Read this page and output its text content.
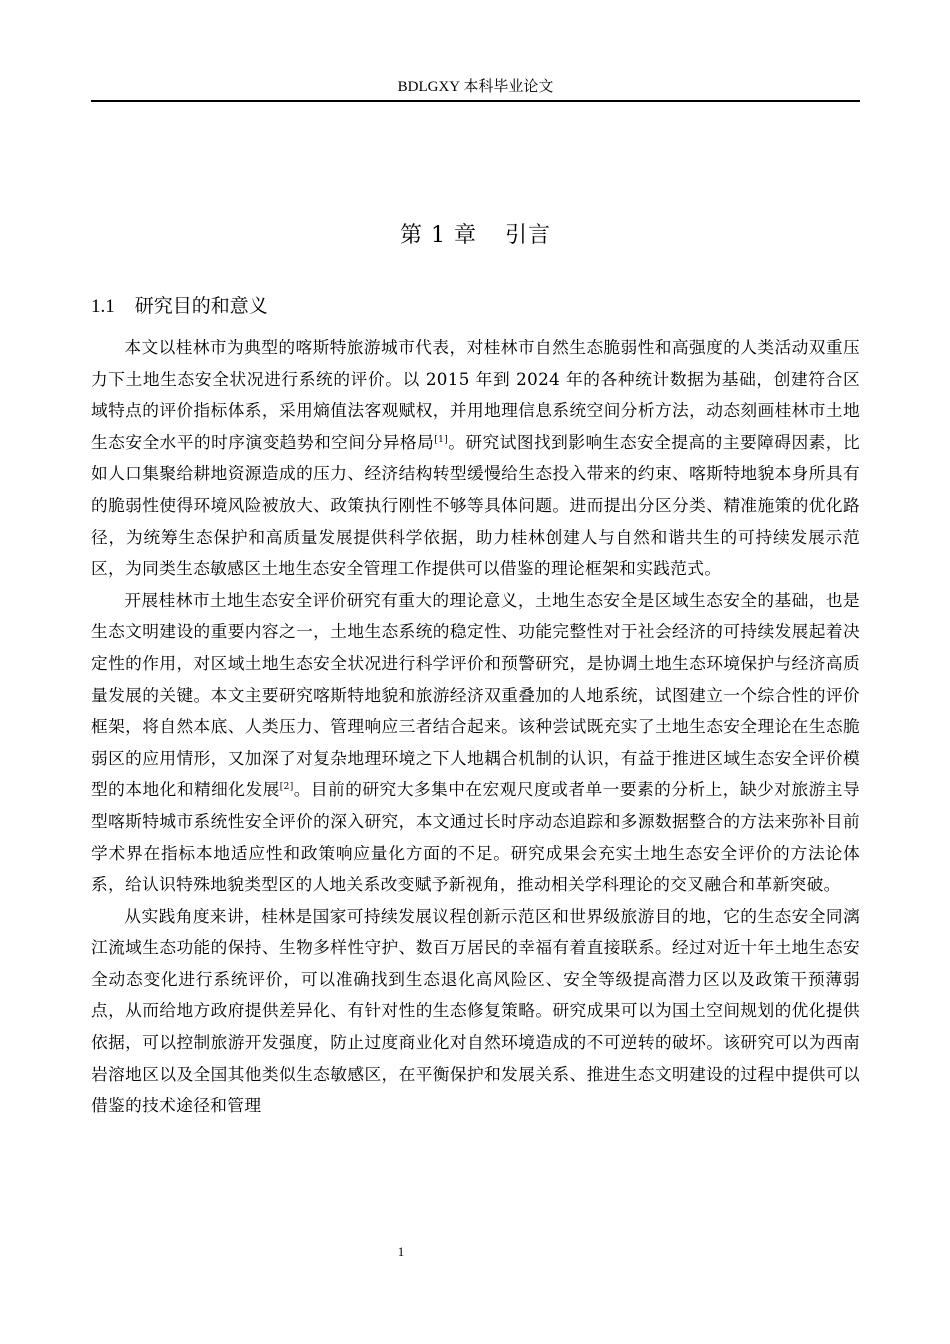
BDLGXY 本科毕业论文
第 1 章 引言
1.1 研究目的和意义

本文以桂林市为典型的喀斯特旅游城市代表，对桂林市自然生态脆弱性和高强度的人类活动双重压力下土地生态安全状况进行系统的评价。以 2015 年到 2024 年的各种统计数据为基础，创建符合区域特点的评价指标体系，采用熵值法客观赋权，并用地理信息系统空间分析方法，动态刻画桂林市土地生态安全水平的时序演变趋势和空间分异格局[1]。研究试图找到影响生态安全提高的主要障碍因素，比如人口集聚给耕地资源造成的压力、经济结构转型缓慢给生态投入带来的约束、喀斯特地貌本身所具有的脆弱性使得环境风险被放大、政策执行刚性不够等具体问题。进而提出分区分类、精准施策的优化路径，为统筹生态保护和高质量发展提供科学依据，助力桂林创建人与自然和谐共生的可持续发展示范区，为同类生态敏感区土地生态安全管理工作提供可以借鉴的理论框架和实践范式。

开展桂林市土地生态安全评价研究有重大的理论意义，土地生态安全是区域生态安全的基础，也是生态文明建设的重要内容之一，土地生态系统的稳定性、功能完整性对于社会经济的可持续发展起着决定性的作用，对区域土地生态安全状况进行科学评价和预警研究，是协调土地生态环境保护与经济高质量发展的关键。本文主要研究喀斯特地貌和旅游经济双重叠加的人地系统，试图建立一个综合性的评价框架，将自然本底、人类压力、管理响应三者结合起来。该种尝试既充实了土地生态安全理论在生态脆弱区的应用情形，又加深了对复杂地理环境之下人地耦合机制的认识，有益于推进区域生态安全评价模型的本地化和精细化发展[2]。目前的研究大多集中在宏观尺度或者单一要素的分析上，缺少对旅游主导型喀斯特城市系统性安全评价的深入研究，本文通过长时序动态追踪和多源数据整合的方法来弥补目前学术界在指标本地适应性和政策响应量化方面的不足。研究成果会充实土地生态安全评价的方法论体系，给认识特殊地貌类型区的人地关系改变赋予新视角，推动相关学科理论的交叉融合和革新突破。

从实践角度来讲，桂林是国家可持续发展议程创新示范区和世界级旅游目的地，它的生态安全同漓江流域生态功能的保持、生物多样性守护、数百万居民的幸福有着直接联系。经过对近十年土地生态安全动态变化进行系统评价，可以准确找到生态退化高风险区、安全等级提高潜力区以及政策干预薄弱点，从而给地方政府提供差异化、有针对性的生态修复策略。研究成果可以为国土空间规划的优化提供依据，可以控制旅游开发强度，防止过度商业化对自然环境造成的不可逆转的破坏。该研究可以为西南岩溶地区以及全国其他类似生态敏感区，在平衡保护和发展关系、推进生态文明建设的过程中提供可以借鉴的技术途径和管理

1
